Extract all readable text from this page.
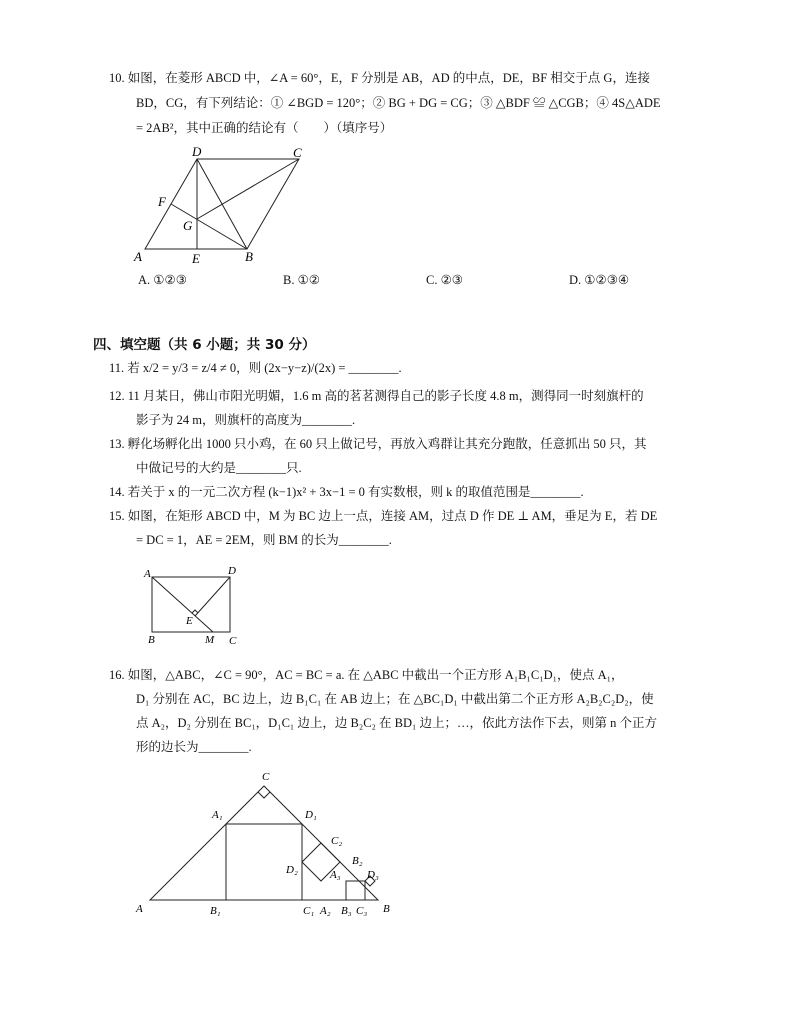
10. 如图，在菱形 ABCD 中，∠A = 60°，E，F 分别是 AB，AD 的中点，DE，BF 相交于点 G，连接
BD，CG，有下列结论：① ∠BGD = 120°；② BG + DG = CG；③ △BDF ≌ △CGB；④ 4S△ADE
= 2AB²，其中正确的结论有（　　）（填序号）
A	B
C
D
E
F
G
A	D
B	C
E
M
C
A₁	D₁
C₂
D₂	A₃
B₂
D₃
A	B₁	C₁ A₂ B₃ C₃ B
A. ①②③	B. ①②	C. ②③	D. ①②③④
四、填空题（共 6 小题；共 30 分）
11. 若 x/2 = y/3 = z/4 ≠ 0，则 (2x−y−z)/(2x) = ________.
12. 11 月某日，佛山市阳光明媚，1.6 m 高的茗茗测得自己的影子长度 4.8 m，测得同一时刻旗杆的
影子为 24 m，则旗杆的高度为________.
13. 孵化场孵化出 1000 只小鸡，在 60 只上做记号，再放入鸡群让其充分跑散，任意抓出 50 只，其
中做记号的大约是________只.
14. 若关于 x 的一元二次方程 (k−1)x² + 3x−1 = 0 有实数根，则 k 的取值范围是________.
15. 如图，在矩形 ABCD 中，M 为 BC 边上一点，连接 AM，过点 D 作 DE ⊥ AM，垂足为 E，若 DE
= DC = 1，AE = 2EM，则 BM 的长为________.
16. 如图，△ABC，∠C = 90°，AC = BC = a. 在 △ABC 中截出一个正方形 A₁B₁C₁D₁，使点 A₁，
D₁ 分别在 AC，BC 边上，边 B₁C₁ 在 AB 边上；在 △BC₁D₁ 中截出第二个正方形 A₂B₂C₂D₂，使
点 A₂，D₂ 分别在 BC₁，D₁C₁ 边上，边 B₂C₂ 在 BD₁ 边上；…，依此方法作下去，则第 n 个正方
形的边长为________.
